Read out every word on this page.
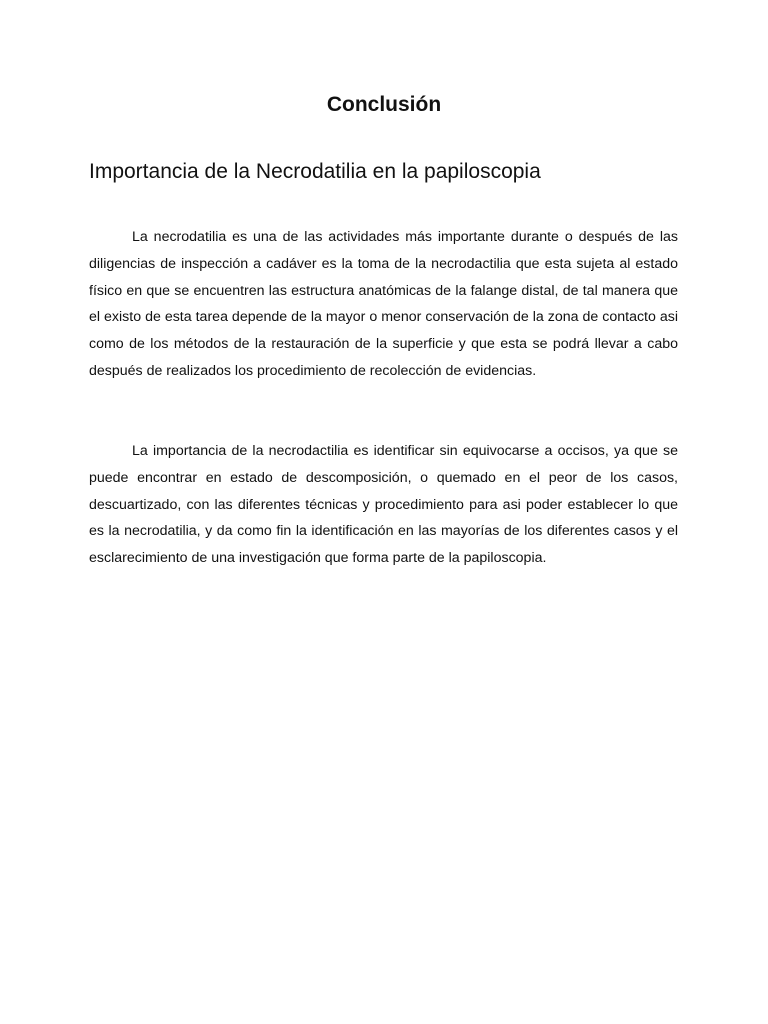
Conclusión
Importancia de la Necrodatilia en la papiloscopia

La necrodatilia es una de las actividades más importante durante o después de las diligencias de inspección a cadáver es la toma de la necrodactilia que esta sujeta al estado físico en que se encuentren las estructura anatómicas de la falange distal, de tal manera que el existo de esta tarea depende de la mayor o menor conservación de la zona de contacto asi como de los métodos de la restauración de la superficie y que esta se podrá llevar a cabo después de realizados los procedimiento de recolección de evidencias.

La importancia de la necrodactilia es identificar sin equivocarse a occisos, ya que se puede encontrar en estado de descomposición, o quemado en el peor de los casos, descuartizado, con las diferentes técnicas y procedimiento para asi poder establecer lo que es la necrodatilia, y da como fin la identificación en las mayorías de los diferentes casos y el esclarecimiento de una investigación que forma parte de la papiloscopia.
